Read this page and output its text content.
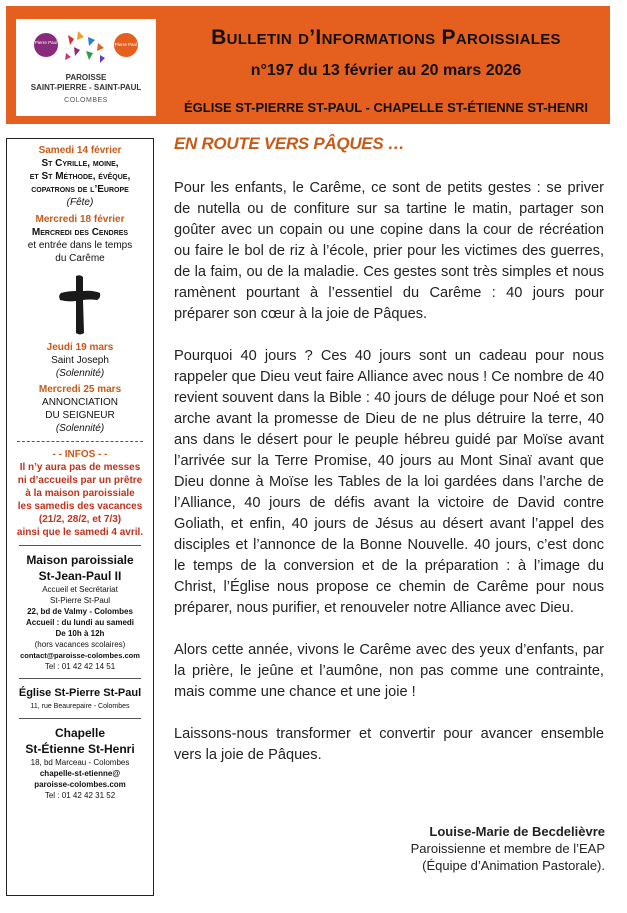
Pierre Paul	Pierre Paul
PAROISSE
SAINT-PIERRE - SAINT-PAUL
COLOMBES
Bulletin d’Informations Paroissiales
n°197 du 13 février au 20 mars 2026
ÉGLISE ST-PIERRE ST-PAUL - CHAPELLE ST-ÉTIENNE ST-HENRI
Samedi 14 février
St Cyrille, moine,
et St Méthode, évêque,
copatrons de l’Europe
(Fête)
Mercredi 18 février
Mercredi des Cendres
et entrée dans le temps
du Carême
Jeudi 19 mars
Saint Joseph
(Solennité)
Mercredi 25 mars
ANNONCIATION
DU SEIGNEUR
(Solennité)
- - INFOS - -
Il n’y aura pas de messes
ni d’accueils par un prêtre
à la maison paroissiale
les samedis des vacances
(21/2, 28/2, et 7/3)
ainsi que le samedi 4 avril.
Maison paroissiale
St-Jean-Paul II
Accueil et Secrétariat
St-Pierre St-Paul
22, bd de Valmy - Colombes
Accueil : du lundi au samedi
De 10h à 12h
(hors vacances scolaires)
contact@paroisse-colombes.com
Tel : 01 42 42 14 51
Église St-Pierre St-Paul
11, rue Beaurepaire - Colombes
Chapelle
St-Étienne St-Henri
18, bd Marceau - Colombes
chapelle-st-etienne@
paroisse-colombes.com
Tel : 01 42 42 31 52
EN ROUTE VERS PÂQUES …

Pour les enfants, le Carême, ce sont de petits gestes : se priver de nutella ou de confiture sur sa tartine le matin, partager son goûter avec un copain ou une copine dans la cour de récréation ou faire le bol de riz à l’école, prier pour les victimes des guerres, de la faim, ou de la maladie. Ces gestes sont très simples et nous ramènent pourtant à l’essentiel du Carême : 40 jours pour préparer son cœur à la joie de Pâques.

Pourquoi 40 jours ? Ces 40 jours sont un cadeau pour nous rappeler que Dieu veut faire Alliance avec nous ! Ce nombre de 40 revient souvent dans la Bible : 40 jours de déluge pour Noé et son arche avant la promesse de Dieu de ne plus détruire la terre, 40 ans dans le désert pour le peuple hébreu guidé par Moïse avant l’arrivée sur la Terre Promise, 40 jours au Mont Sinaï avant que Dieu donne à Moïse les Tables de la loi gardées dans l’arche de l’Alliance, 40 jours de défis avant la victoire de David contre Goliath, et enfin, 40 jours de Jésus au désert avant l’appel des disciples et l’annonce de la Bonne Nouvelle. 40 jours, c’est donc le temps de la conversion et de la préparation : à l’image du Christ, l’Église nous propose ce chemin de Carême pour nous préparer, nous purifier, et renouveler notre Alliance avec Dieu.

Alors cette année, vivons le Carême avec des yeux d’enfants, par la prière, le jeûne et l’aumône, non pas comme une contrainte, mais comme une chance et une joie !

Laissons-nous transformer et convertir pour avancer ensemble vers la joie de Pâques.

Louise-Marie de Becdelièvre
Paroissienne et membre de l’EAP
(Équipe d’Animation Pastorale).
